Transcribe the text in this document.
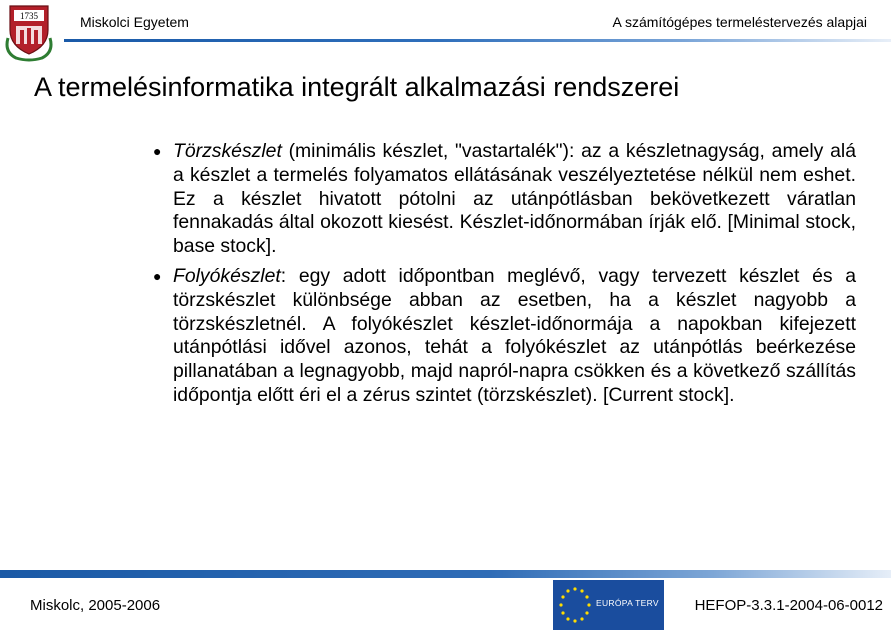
1735	Miskolci Egyetem	A számítógépes termeléstervezés alapjai
A termelésinformatika integrált alkalmazási rendszerei
● Törzskészlet (minimális készlet, "vastartalék"): az a készletnagyság, amely alá a készlet a termelés folyamatos ellátásának veszélyeztetése nélkül nem eshet. Ez a készlet hivatott pótolni az utánpótlásban bekövetkezett váratlan fennakadás által okozott kiesést. Készlet-időnormában írják elő. [Minimal stock, base stock].
● Folyókészlet: egy adott időpontban meglévő, vagy tervezett készlet és a törzskészlet különbsége abban az esetben, ha a készlet nagyobb a törzskészletnél. A folyókészlet készlet-időnormája a napokban kifejezett utánpótlási idővel azonos, tehát a folyókészlet az utánpótlás beérkezése pillanatában a legnagyobb, majd napról-napra csökken és a következő szállítás időpontja előtt éri el a zérus szintet (törzskészlet). [Current stock].
Miskolc, 2005-2006	EURÓPA TERV HEFOP-3.3.1-2004-06-0012
